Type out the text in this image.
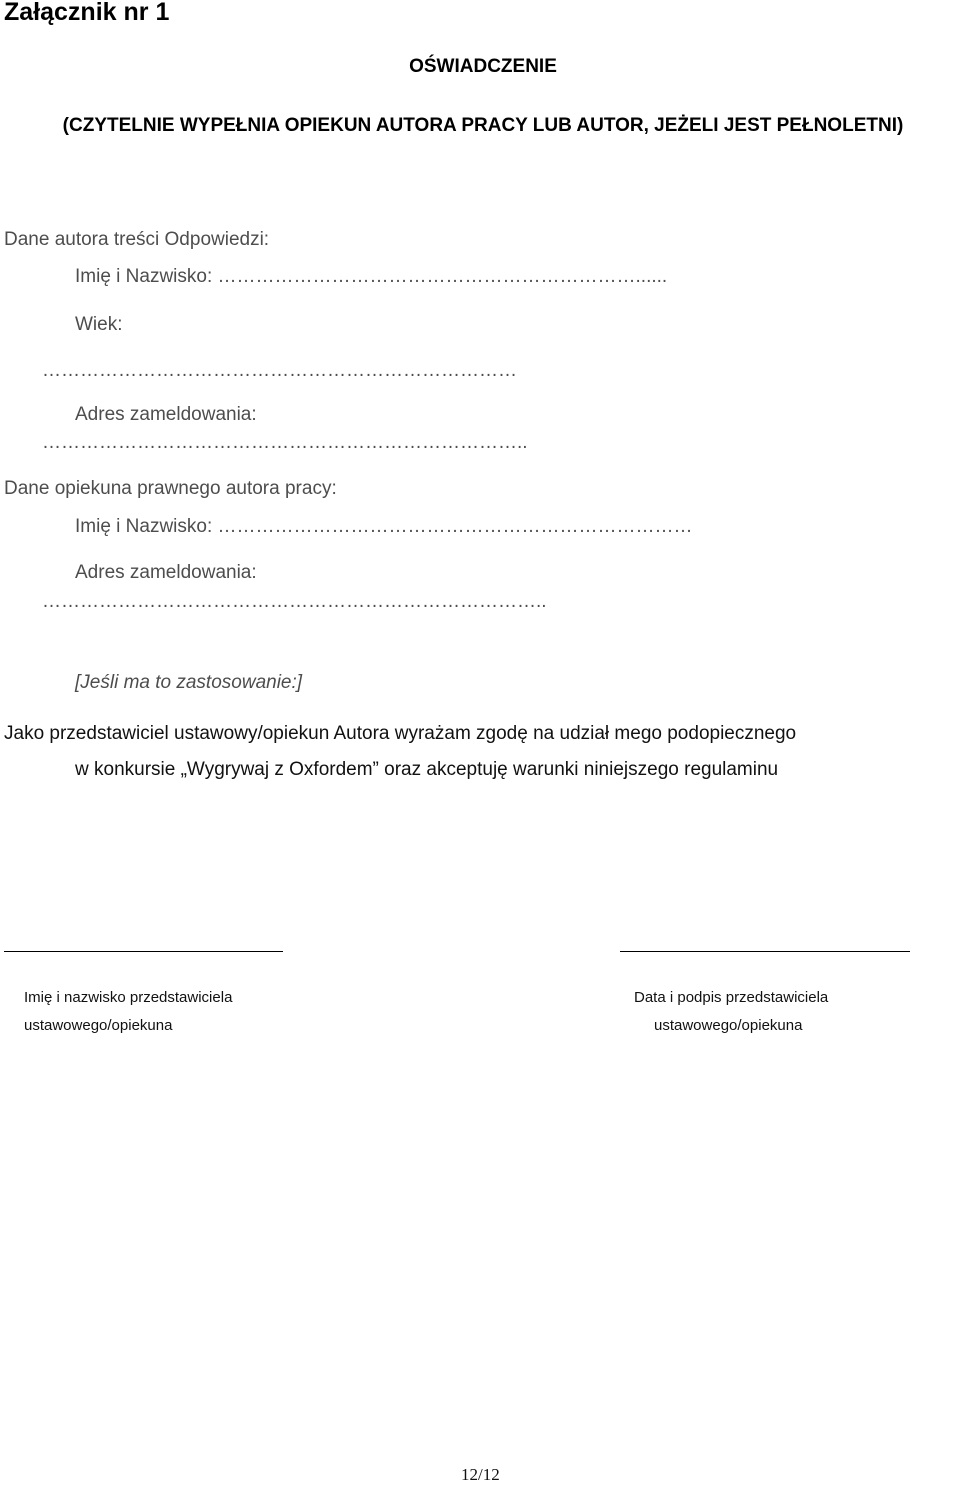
Załącznik nr 1
OŚWIADCZENIE
(CZYTELNIE WYPEŁNIA OPIEKUN AUTORA PRACY LUB AUTOR, JEŻELI JEST PEŁNOLETNI)
Dane autora treści Odpowiedzi:
Imię i Nazwisko: …………………………………………………………......
Wiek:
…………………………………………………………………
Adres zameldowania:
…………………………………………………………………..
Dane opiekuna prawnego autora pracy:
Imię i Nazwisko: …………………………………………………………………
Adres zameldowania:
……………………………………………………………………..
[Jeśli ma to zastosowanie:]
Jako przedstawiciel ustawowy/opiekun Autora wyrażam zgodę na udział mego podopiecznego
w konkursie „Wygrywaj z Oxfordem” oraz akceptuję warunki niniejszego regulaminu
Imię i nazwisko przedstawiciela
ustawowego/opiekuna
Data i podpis przedstawiciela
ustawowego/opiekuna
12/12
